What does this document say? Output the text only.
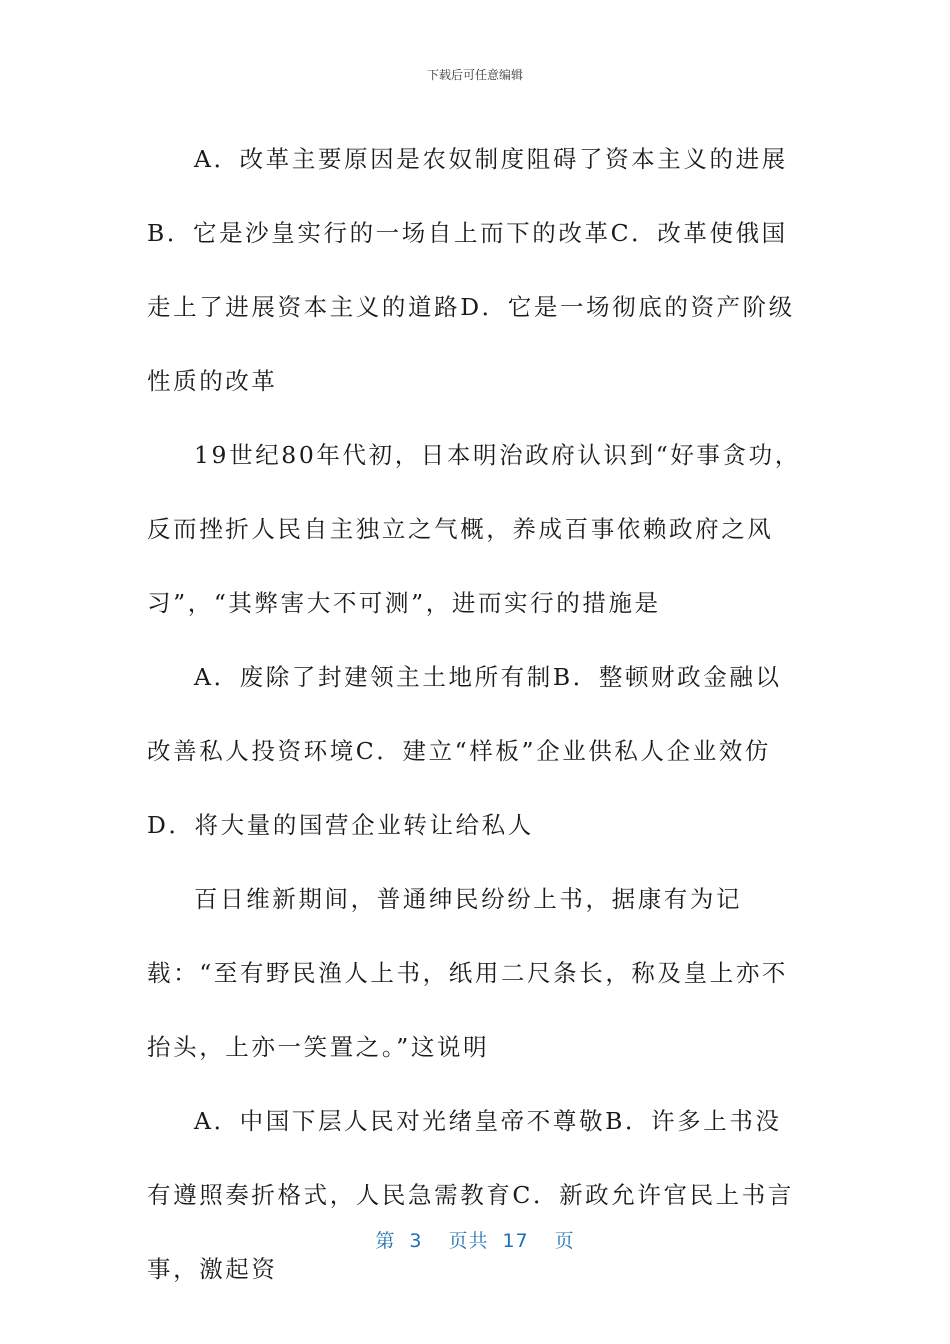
下载后可任意编辑

A．改革主要原因是农奴制度阻碍了资本主义的进展B．它是沙皇实行的一场自上而下的改革C．改革使俄国走上了进展资本主义的道路D．它是一场彻底的资产阶级性质的改革

19世纪80年代初，日本明治政府认识到“好事贪功，反而挫折人民自主独立之气概，养成百事依赖政府之风习”，“其弊害大不可测”，进而实行的措施是

A．废除了封建领主土地所有制B．整顿财政金融以改善私人投资环境C．建立“样板”企业供私人企业效仿D．将大量的国营企业转让给私人

百日维新期间，普通绅民纷纷上书，据康有为记载：“至有野民渔人上书，纸用二尺条长，称及皇上亦不抬头，上亦一笑置之。”这说明

A．中国下层人民对光绪皇帝不尊敬B．许多上书没有遵照奏折格式，人民急需教育C．新政允许官民上书言事，激起资

第 3 页共 17 页
